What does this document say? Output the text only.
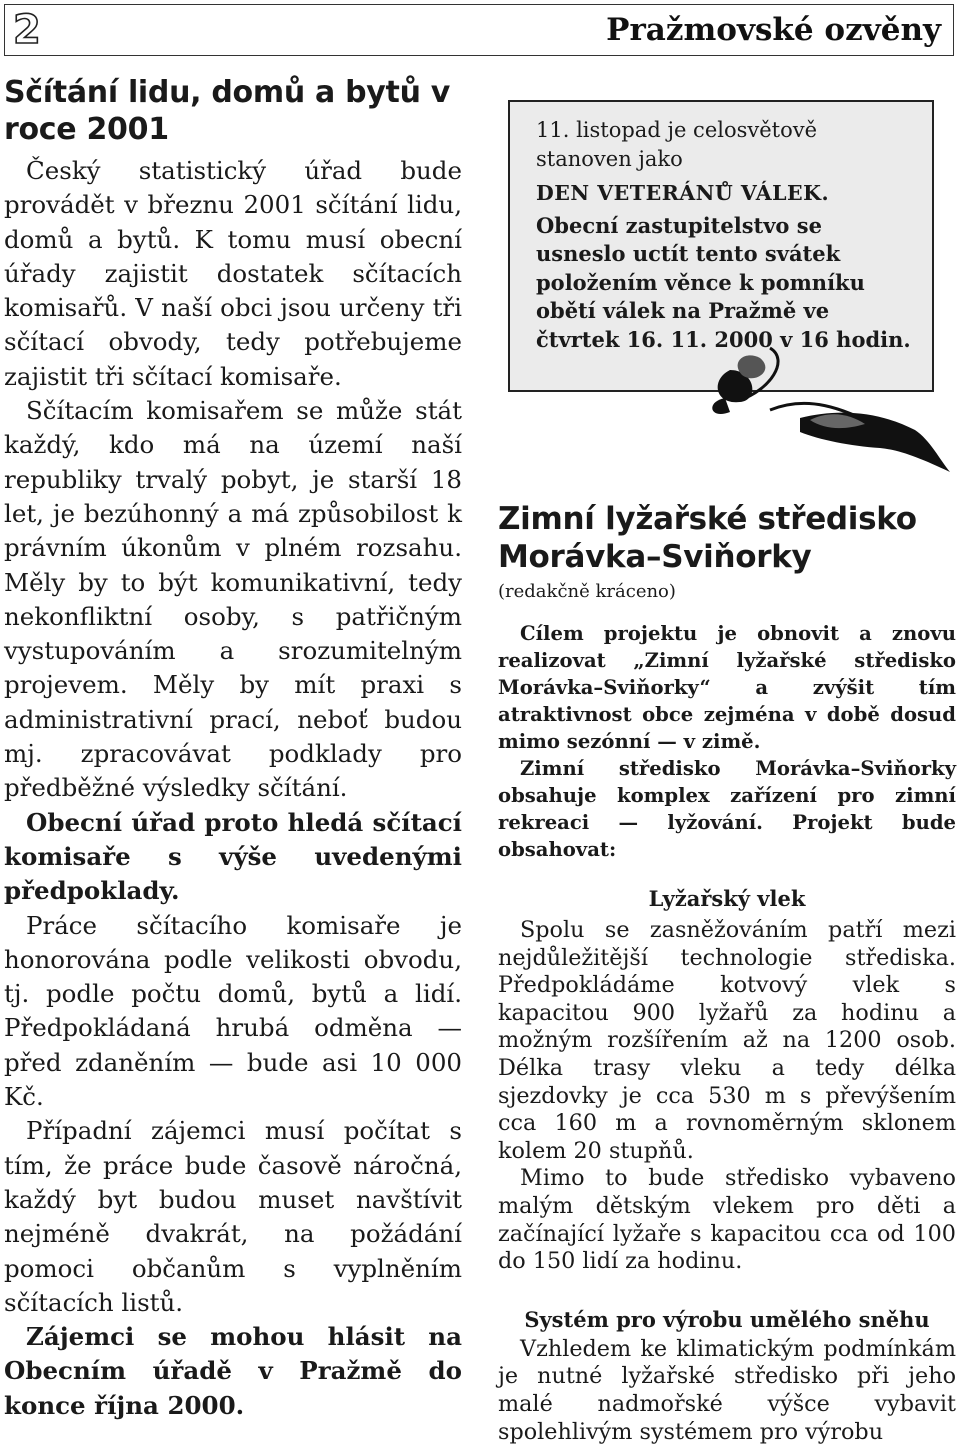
2	Pražmovské ozvěny
Sčítání lidu, domů a bytů v roce 2001

Český statistický úřad bude provádět v březnu 2001 sčítání lidu, domů a bytů. K tomu musí obecní úřady zajistit dostatek sčítacích komisařů. V naší obci jsou určeny tři sčítací obvody, tedy potřebujeme zajistit tři sčítací komisaře.

Sčítacím komisařem se může stát každý, kdo má na území naší republiky trvalý pobyt, je starší 18 let, je bezúhonný a má způsobilost k právním úkonům v plném rozsahu. Měly by to být komunikativní, tedy nekonfliktní osoby, s patřičným vystupováním a srozumitelným projevem. Měly by mít praxi s administrativní prací, neboť budou mj. zpracovávat podklady pro předběžné výsledky sčítání.

Obecní úřad proto hledá sčítací komisaře s výše uvedenými předpoklady.

Práce sčítacího komisaře je honorována podle velikosti obvodu, tj. podle počtu domů, bytů a lidí. Předpokládaná hrubá odměna — před zdaněním — bude asi 10 000 Kč.

Případní zájemci musí počítat s tím, že práce bude časově náročná, každý byt budou muset navštívit nejméně dvakrát, na požádání pomoci občanům s vyplněním sčítacích listů.

Zájemci se mohou hlásit na Obecním úřadě v Pražmě do konce října 2000.

11. listopad je celosvětově stanoven jako

DEN VETERÁNŮ VÁLEK.

Obecní zastupitelstvo se usneslo uctít tento svátek položením věnce k pomníku obětí válek na Pražmě ve čtvrtek 16. 11. 2000 v 16 hodin.

Zimní lyžařské středisko Morávka–Sviňorky
(redakčně kráceno)

Cílem projektu je obnovit a znovu realizovat „Zimní lyžařské středisko Morávka–Sviňorky“ a zvýšit tím atraktivnost obce zejména v době dosud mimo sezónní — v zimě.

Zimní středisko Morávka–Sviňorky obsahuje komplex zařízení pro zimní rekreaci — lyžování. Projekt bude obsahovat:

Lyžařský vlek

Spolu se zasněžováním patří mezi nejdůležitější technologie střediska. Předpokládáme kotvový vlek s kapacitou 900 lyžařů za hodinu a možným rozšířením až na 1200 osob. Délka trasy vleku a tedy délka sjezdovky je cca 530 m s převýšením cca 160 m a rovnoměrným sklonem kolem 20 stupňů.

Mimo to bude středisko vybaveno malým dětským vlekem pro děti a začínající lyžaře s kapacitou cca od 100 do 150 lidí za hodinu.

Systém pro výrobu umělého sněhu

Vzhledem ke klimatickým podmínkám je nutné lyžařské středisko při jeho malé nadmořské výšce vybavit spolehlivým systémem pro výrobu
